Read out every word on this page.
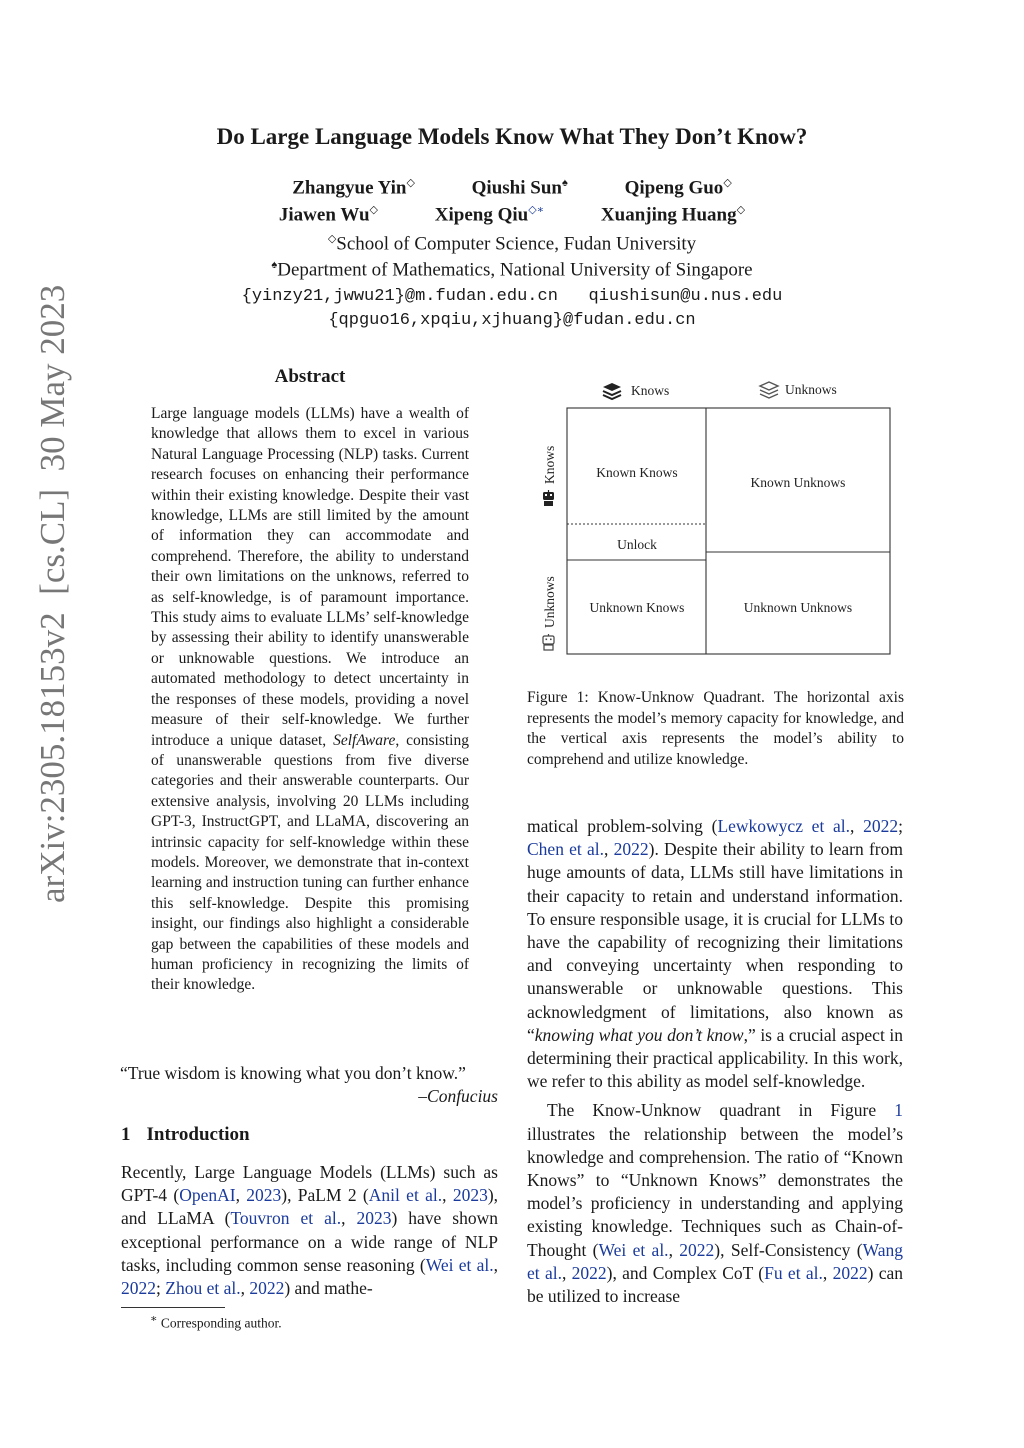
Do Large Language Models Know What They Don’t Know?
Zhangyue Yin◇	Qiushi Sun♠	Qipeng Guo◇
Jiawen Wu◇	Xipeng Qiu◇∗	Xuanjing Huang◇
◇School of Computer Science, Fudan University
♠Department of Mathematics, National University of Singapore
{yinzy21,jwwu21}@m.fudan.edu.cn   qiushisun@u.nus.edu
{qpguo16,xpqiu,xjhuang}@fudan.edu.cn
arXiv:2305.18153v2  [cs.CL]  30 May 2023	Abstract
Large language models (LLMs) have a wealth of knowledge that allows them to excel in various Natural Language Processing (NLP) tasks. Current research focuses on enhancing their performance within their existing knowledge. Despite their vast knowledge, LLMs are still limited by the amount of information they can accommodate and comprehend. Therefore, the ability to understand their own limitations on the unknows, referred to as self-knowledge, is of paramount importance. This study aims to evaluate LLMs’ self-knowledge by assessing their ability to identify unanswerable or unknowable questions. We introduce an automated methodology to detect uncertainty in the responses of these models, providing a novel measure of their self-knowledge. We further introduce a unique dataset, SelfAware, consisting of unanswerable questions from five diverse categories and their answerable counterparts. Our extensive analysis, involving 20 LLMs including GPT-3, InstructGPT, and LLaMA, discovering an intrinsic capacity for self-knowledge within these models. Moreover, we demonstrate that in-context learning and instruction tuning can further enhance this self-knowledge. Despite this promising insight, our findings also highlight a considerable gap between the capabilities of these models and human proficiency in recognizing the limits of their knowledge.
“True wisdom is knowing what you don’t know.”
–Confucius
1 Introduction

Recently, Large Language Models (LLMs) such as GPT-4 (OpenAI, 2023), PaLM 2 (Anil et al., 2023), and LLaMA (Touvron et al., 2023) have shown exceptional performance on a wide range of NLP tasks, including common sense reasoning (Wei et al., 2022; Zhou et al., 2022) and mathe-

∗ Corresponding author.
Knows	Unknows
Known Knows
Known Unknows
Unlock
Unknown Knows	Unknown Unknows
Knows
Unknows
Figure 1: Know-Unknow Quadrant. The horizontal axis represents the model’s memory capacity for knowledge, and the vertical axis represents the model’s ability to comprehend and utilize knowledge.

matical problem-solving (Lewkowycz et al., 2022; Chen et al., 2022). Despite their ability to learn from huge amounts of data, LLMs still have limitations in their capacity to retain and understand information. To ensure responsible usage, it is crucial for LLMs to have the capability of recognizing their limitations and conveying uncertainty when responding to unanswerable or unknowable questions. This acknowledgment of limitations, also known as “knowing what you don’t know,” is a crucial aspect in determining their practical applicability. In this work, we refer to this ability as model self-knowledge.

The Know-Unknow quadrant in Figure 1 illustrates the relationship between the model’s knowledge and comprehension. The ratio of “Known Knows” to “Unknown Knows” demonstrates the model’s proficiency in understanding and applying existing knowledge. Techniques such as Chain-of-Thought (Wei et al., 2022), Self-Consistency (Wang et al., 2022), and Complex CoT (Fu et al., 2022) can be utilized to increase
